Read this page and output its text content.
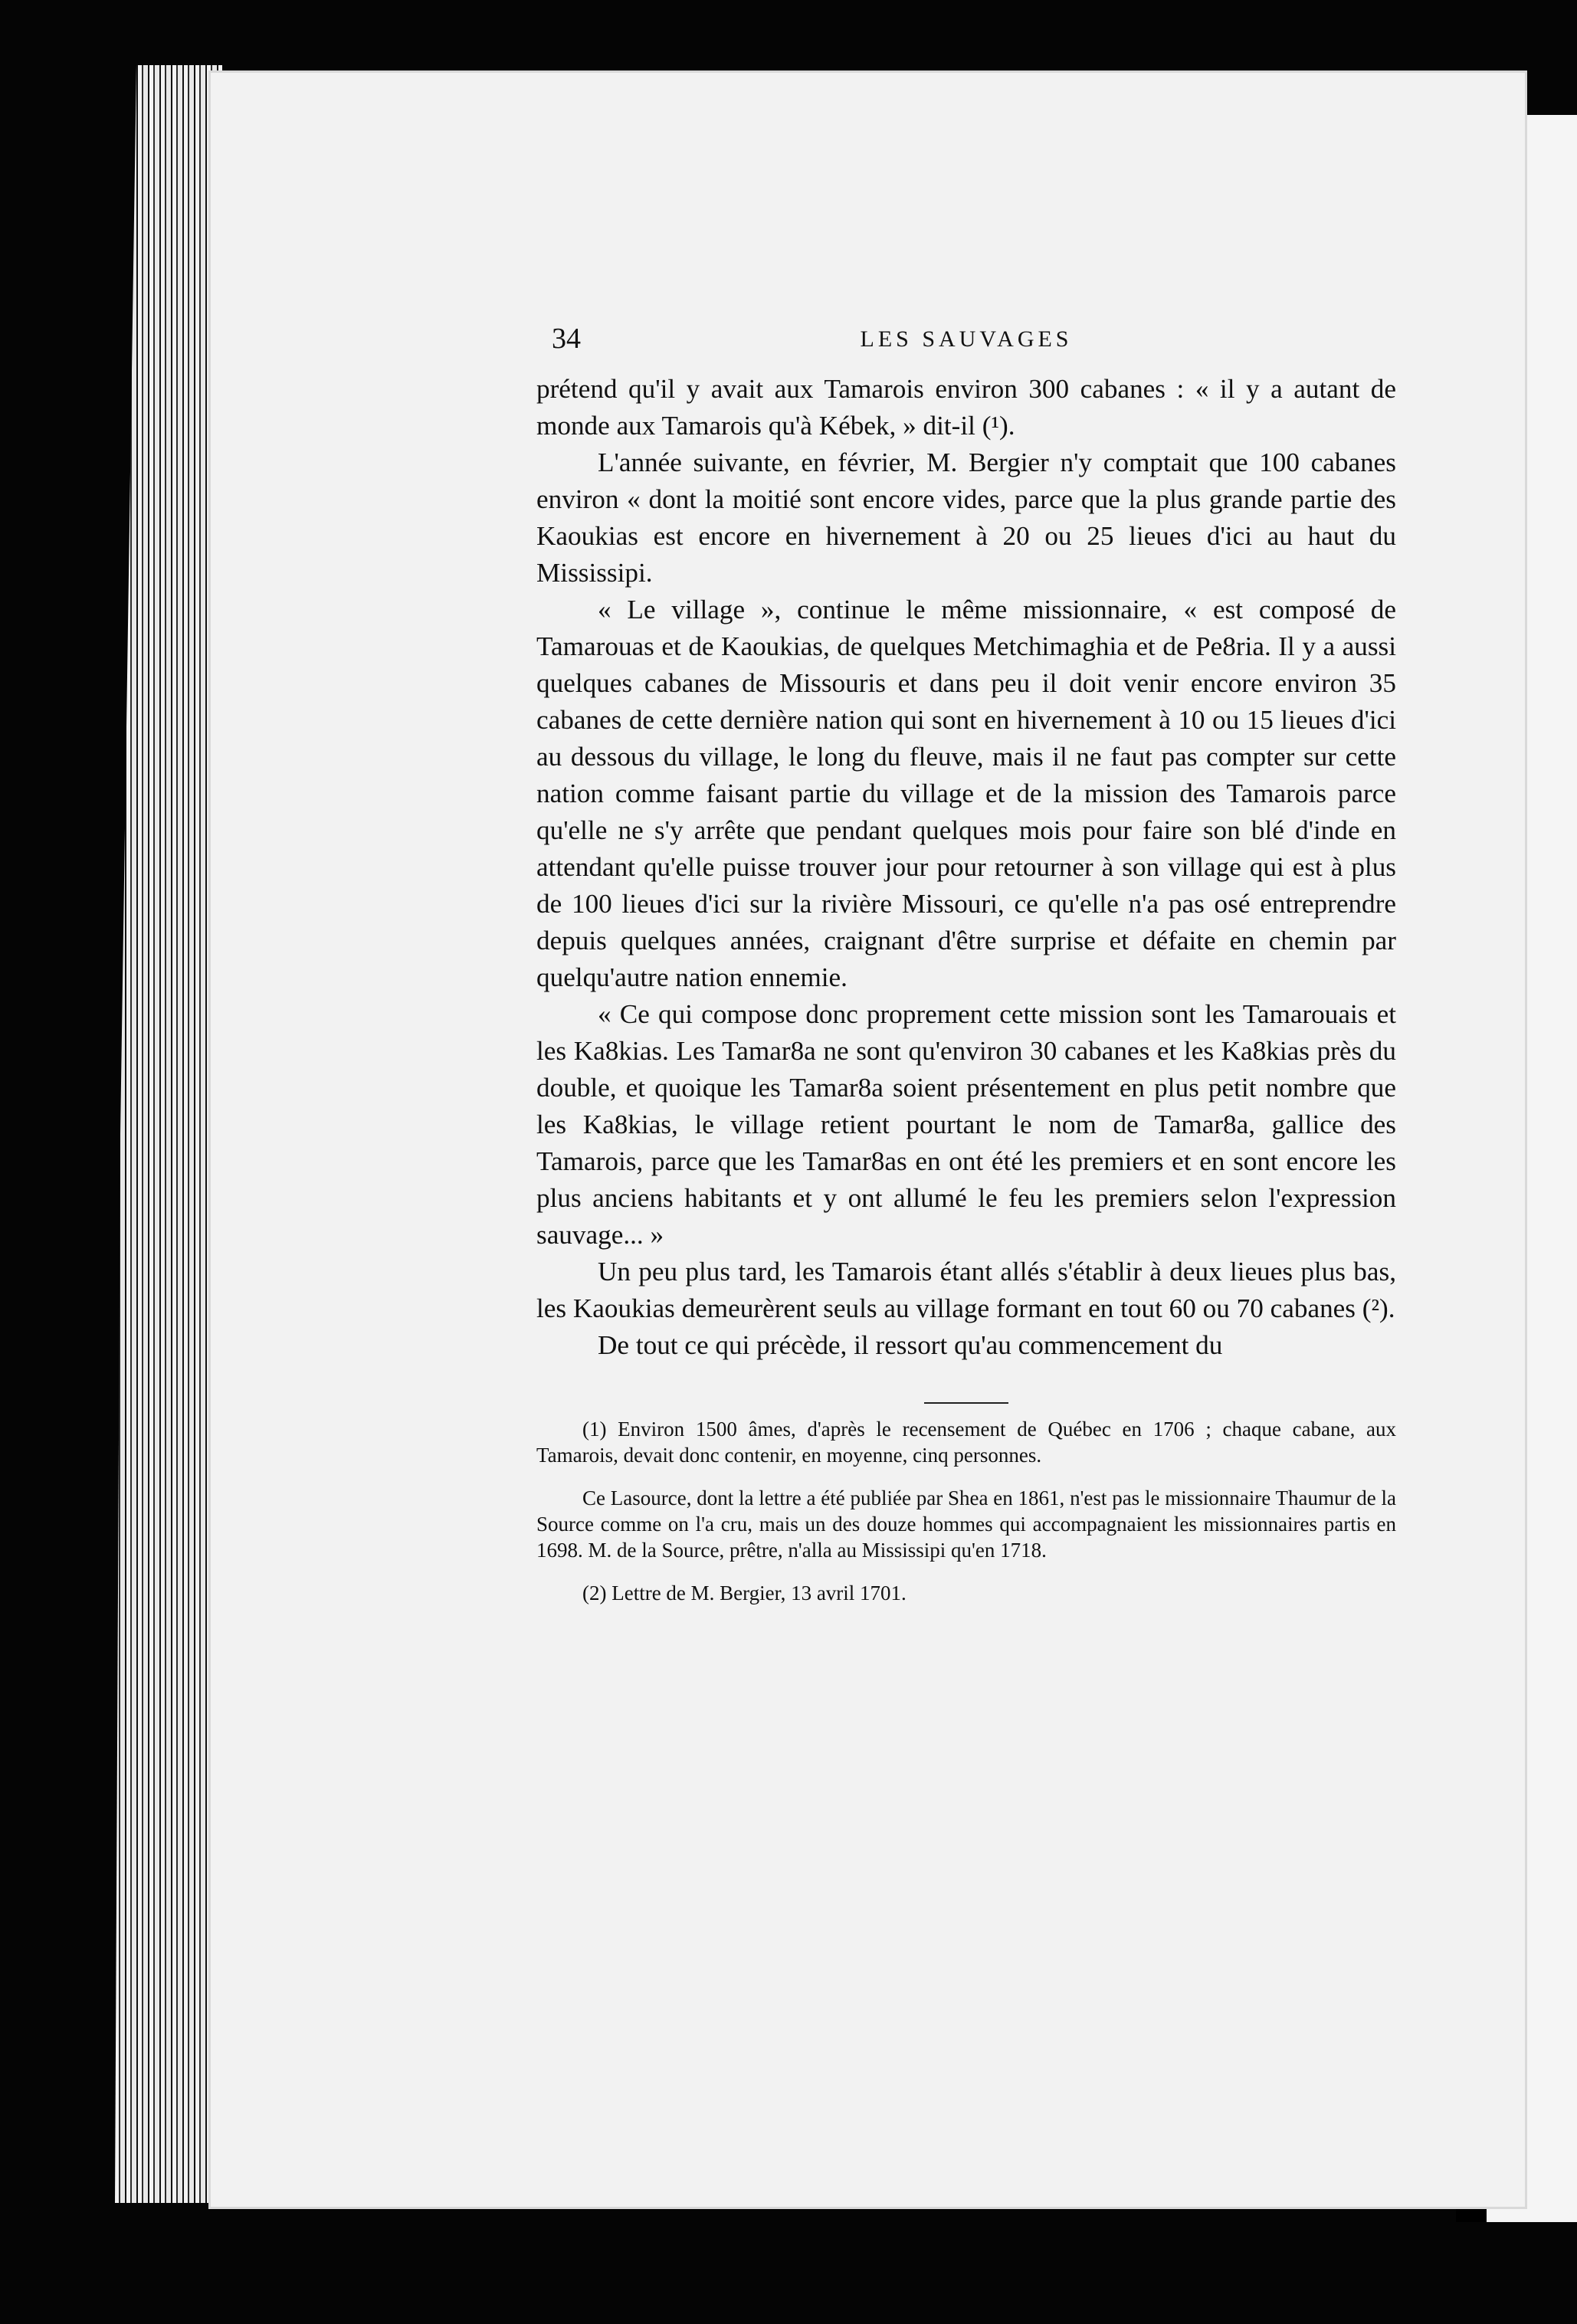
34	LES SAUVAGES

prétend qu'il y avait aux Tamarois environ 300 cabanes : « il y a autant de monde aux Tamarois qu'à Kébek, » dit-il (¹).

L'année suivante, en février, M. Bergier n'y comptait que 100 cabanes environ « dont la moitié sont encore vides, parce que la plus grande partie des Kaoukias est encore en hivernement à 20 ou 25 lieues d'ici au haut du Mississipi.

« Le village », continue le même missionnaire, « est composé de Tamarouas et de Kaoukias, de quelques Metchimaghia et de Pe8ria. Il y a aussi quelques cabanes de Missouris et dans peu il doit venir encore environ 35 cabanes de cette dernière nation qui sont en hivernement à 10 ou 15 lieues d'ici au dessous du village, le long du fleuve, mais il ne faut pas compter sur cette nation comme faisant partie du village et de la mission des Tamarois parce qu'elle ne s'y arrête que pendant quelques mois pour faire son blé d'inde en attendant qu'elle puisse trouver jour pour retourner à son village qui est à plus de 100 lieues d'ici sur la rivière Missouri, ce qu'elle n'a pas osé entreprendre depuis quelques années, craignant d'être surprise et défaite en chemin par quelqu'autre nation ennemie.

« Ce qui compose donc proprement cette mission sont les Tamarouais et les Ka8kias. Les Tamar8a ne sont qu'environ 30 cabanes et les Ka8kias près du double, et quoique les Tamar8a soient présentement en plus petit nombre que les Ka8kias, le village retient pourtant le nom de Tamar8a, gallice des Tamarois, parce que les Tamar8as en ont été les premiers et en sont encore les plus anciens habitants et y ont allumé le feu les premiers selon l'expression sauvage... »

Un peu plus tard, les Tamarois étant allés s'établir à deux lieues plus bas, les Kaoukias demeurèrent seuls au village formant en tout 60 ou 70 cabanes (²).

De tout ce qui précède, il ressort qu'au commencement du

(1) Environ 1500 âmes, d'après le recensement de Québec en 1706 ; chaque cabane, aux Tamarois, devait donc contenir, en moyenne, cinq personnes.

Ce Lasource, dont la lettre a été publiée par Shea en 1861, n'est pas le missionnaire Thaumur de la Source comme on l'a cru, mais un des douze hommes qui accompagnaient les missionnaires partis en 1698. M. de la Source, prêtre, n'alla au Mississipi qu'en 1718.

(2) Lettre de M. Bergier, 13 avril 1701.
